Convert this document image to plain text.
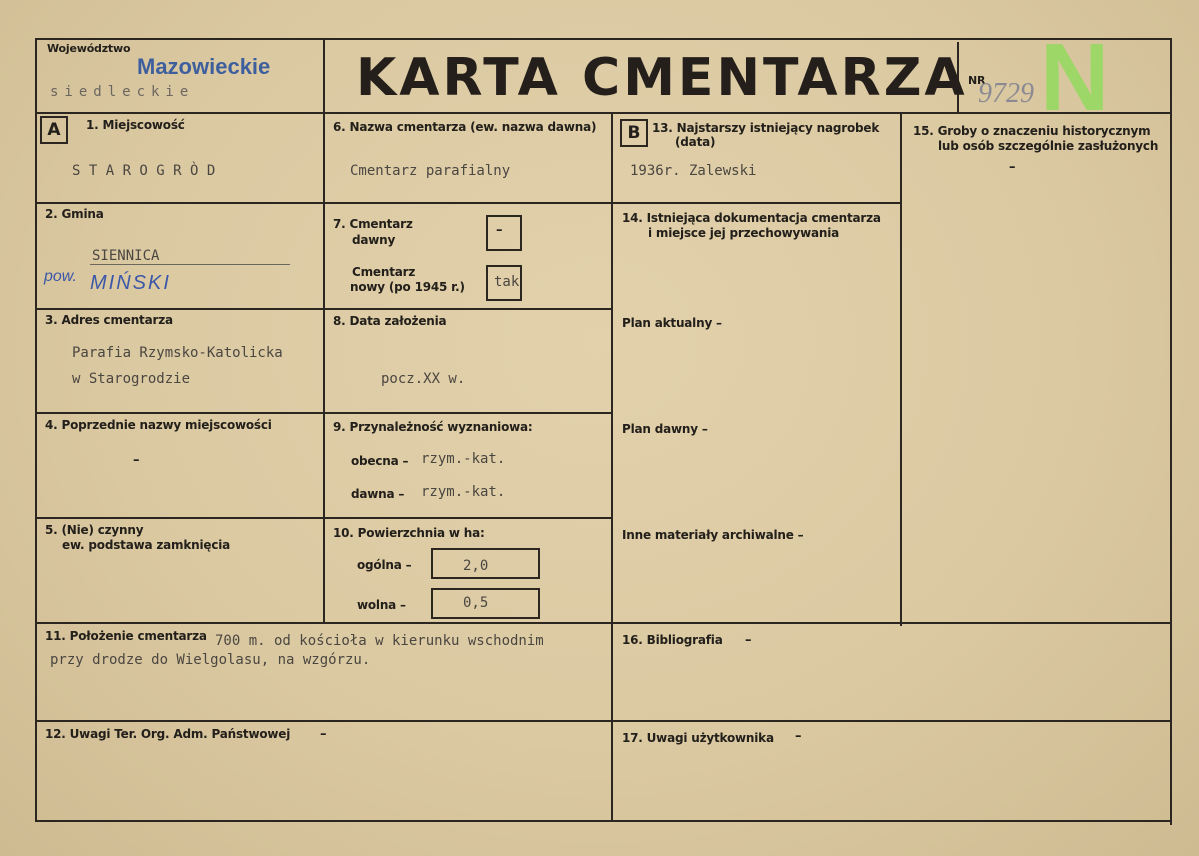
Województwo
Mazowieckie
siedleckie	KARTA CMENTARZA NR N
9729
A	1. Miejscowość
S T A R O G R Ò D
2. Gmina
SIENNICA
pow. MIŃSKI
3. Adres cmentarza
Parafia Rzymsko-Katolicka
w Starogrodzie
4. Poprzednie nazwy miejscowości
–
5. (Nie) czynny
ew. podstawa zamknięcia
6. Nazwa cmentarza (ew. nazwa dawna)
Cmentarz parafialny
7. Cmentarz
dawny
–
Cmentarz
nowy (po 1945 r.) tak
8. Data założenia
pocz.XX w.
9. Przynależność wyznaniowa:
obecna – rzym.-kat.
dawna – rzym.-kat.
10. Powierzchnia w ha:
ogólna –	2,0
wolna –	0,5
B 13. Najstarszy istniejący nagrobek
(data)
1936r. Zalewski
14. Istniejąca dokumentacja cmentarza
i miejsce jej przechowywania
Plan aktualny –
Plan dawny –
Inne materiały archiwalne –
15. Groby o znaczeniu historycznym
lub osób szczególnie zasłużonych
–
11. Położenie cmentarza 700 m. od kościoła w kierunku wschodnim
przy drodze do Wielgolasu, na wzgórzu.
16. Bibliografia –
12. Uwagi Ter. Org. Adm. Państwowej –	17. Uwagi użytkownika –
